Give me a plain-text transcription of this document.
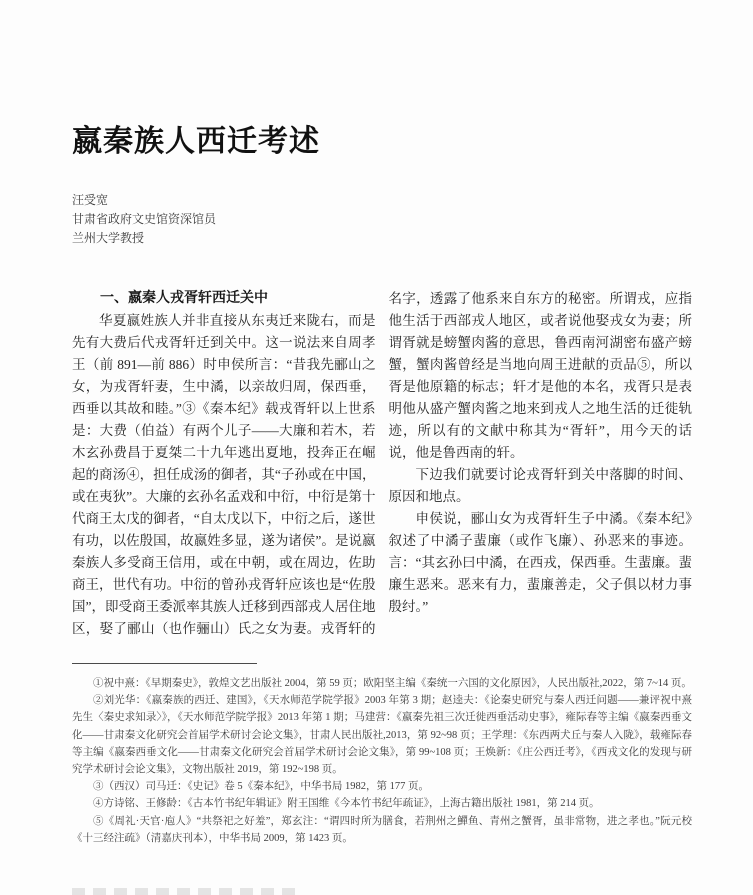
嬴秦族人西迁考述
汪受宽

甘肃省政府文史馆资深馆员

兰州大学教授

一、嬴秦人戎胥轩西迁关中

华夏嬴姓族人并非直接从东夷迁来陇右，而是先有大费后代戎胥轩迁到关中。这一说法来自周孝王（前 891—前 886）时申侯所言：“昔我先郦山之女，为戎胥轩妻，生中潏，以亲故归周，保西垂，西垂以其故和睦。”③《秦本纪》载戎胥轩以上世系是：大费（伯益）有两个儿子——大廉和若木，若木玄孙费昌于夏桀二十九年逃出夏地，投奔正在崛起的商汤④，担任成汤的御者，其“子孙或在中国，或在夷狄”。大廉的玄孙名孟戏和中衍，中衍是第十代商王太戊的御者，“自太戊以下，中衍之后，遂世有功，以佐殷国，故嬴姓多显，遂为诸侯”。是说嬴秦族人多受商王信用，或在中朝，或在周边，佐助商王，世代有功。中衍的曾孙戎胥轩应该也是“佐殷国”，即受商王委派率其族人迁移到西部戎人居住地区，娶了郦山（也作骊山）氏之女为妻。戎胥轩的名字，透露了他系来自东方的秘密。所谓戎，应指他生活于西部戎人地区，或者说他娶戎女为妻；所谓胥就是螃蟹肉酱的意思，鲁西南河湖密布盛产螃蟹，蟹肉酱曾经是当地向周王进献的贡品⑤，所以胥是他原籍的标志；轩才是他的本名，戎胥只是表明他从盛产蟹肉酱之地来到戎人之地生活的迁徙轨迹，所以有的文献中称其为“胥轩”，用今天的话说，他是鲁西南的轩。

下边我们就要讨论戎胥轩到关中落脚的时间、原因和地点。

申侯说，郦山女为戎胥轩生子中潏。《秦本纪》叙述了中潏子蜚廉（或作飞廉）、孙恶来的事迹。言：“其玄孙曰中潏，在西戎，保西垂。生蜚廉。蜚廉生恶来。恶来有力，蜚廉善走，父子俱以材力事殷纣。”

①祝中熹：《早期秦史》，敦煌文艺出版社 2004，第 59 页；欧阳坚主编《秦统一六国的文化原因》，人民出版社,2022，第 7~14 页。

②刘光华：《嬴秦族的西迁、建国》，《天水师范学院学报》2003 年第 3 期；赵逵夫：《论秦史研究与秦人西迁问题——兼评祝中熹先生〈秦史求知录〉》，《天水师范学院学报》2013 年第 1 期；马建营：《嬴秦先祖三次迁徙西垂活动史事》，雍际春等主编《嬴秦西垂文化——甘肃秦文化研究会首届学术研讨会论文集》，甘肃人民出版社,2013，第 92~98 页；王学理：《东西两犬丘与秦人入陇》，载雍际春等主编《嬴秦西垂文化——甘肃秦文化研究会首届学术研讨会论文集》，第 99~108 页；王焕新：《庄公西迁考》，《西戎文化的发现与研究学术研讨会论文集》，文物出版社 2019，第 192~198 页。

③（西汉）司马迁：《史记》卷 5《秦本纪》，中华书局 1982，第 177 页。

④方诗铭、王修龄：《古本竹书纪年辑证》附王国维《今本竹书纪年疏证》，上海古籍出版社 1981，第 214 页。

⑤《周礼·天官·庖人》“共祭祀之好羞”，郑玄注：“谓四时所为膳食，若荆州之鱓鱼、青州之蟹胥，虽非常物，进之孝也。”阮元校《十三经注疏》（清嘉庆刊本），中华书局 2009，第 1423 页。
